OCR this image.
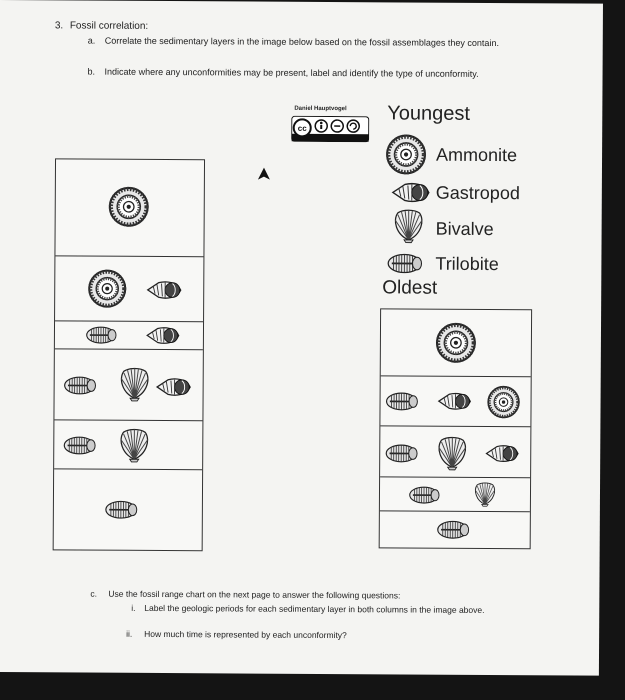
3. Fossil correlation:
a. Correlate the sedimentary layers in the image below based on the fossil assemblages they contain.
b. Indicate where any unconformities may be present, label and identify the type of unconformity.
Daniel Hauptvogel
cc
Youngest
Ammonite
Gastropod
Bivalve
Trilobite
Oldest
c. Use the fossil range chart on the next page to answer the following questions:
i. Label the geologic periods for each sedimentary layer in both columns in the image above.
ii. How much time is represented by each unconformity?
